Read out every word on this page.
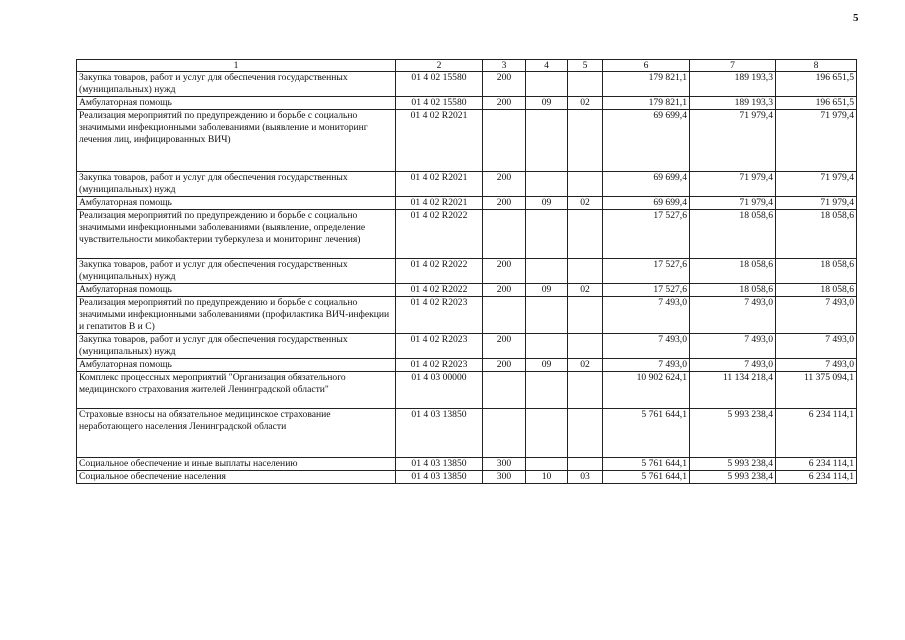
5
1	2	3	4	5	6	7	8
Закупка товаров, работ и услуг для обеспечения государственных (муниципальных) нужд	01 4 02 15580	200			179 821,1	189 193,3	196 651,5
Амбулаторная помощь	01 4 02 15580	200	09	02	179 821,1	189 193,3	196 651,5
Реализация мероприятий по предупреждению и борьбе с социально значимыми инфекционными заболеваниями (выявление и мониторинг лечения лиц, инфицированных ВИЧ)	01 4 02 R2021				69 699,4	71 979,4	71 979,4
Закупка товаров, работ и услуг для обеспечения государственных (муниципальных) нужд	01 4 02 R2021	200			69 699,4	71 979,4	71 979,4
Амбулаторная помощь	01 4 02 R2021	200	09	02	69 699,4	71 979,4	71 979,4
Реализация мероприятий по предупреждению и борьбе с социально значимыми инфекционными заболеваниями (выявление, определение чувствительности микобактерии туберкулеза и мониторинг лечения)	01 4 02 R2022				17 527,6	18 058,6	18 058,6
Закупка товаров, работ и услуг для обеспечения государственных (муниципальных) нужд	01 4 02 R2022	200			17 527,6	18 058,6	18 058,6
Амбулаторная помощь	01 4 02 R2022	200	09	02	17 527,6	18 058,6	18 058,6
Реализация мероприятий по предупреждению и борьбе с социально значимыми инфекционными заболеваниями (профилактика ВИЧ-инфекции и гепатитов В и С)	01 4 02 R2023				7 493,0	7 493,0	7 493,0
Закупка товаров, работ и услуг для обеспечения государственных (муниципальных) нужд	01 4 02 R2023	200			7 493,0	7 493,0	7 493,0
Амбулаторная помощь	01 4 02 R2023	200	09	02	7 493,0	7 493,0	7 493,0
Комплекс процессных мероприятий "Организация обязательного медицинского страхования жителей Ленинградской области"	01 4 03 00000				10 902 624,1	11 134 218,4	11 375 094,1
Страховые взносы на обязательное медицинское страхование неработающего населения Ленинградской области	01 4 03 13850				5 761 644,1	5 993 238,4	6 234 114,1
Социальное обеспечение и иные выплаты населению	01 4 03 13850	300			5 761 644,1	5 993 238,4	6 234 114,1
Социальное обеспечение населения	01 4 03 13850	300	10	03	5 761 644,1	5 993 238,4	6 234 114,1
